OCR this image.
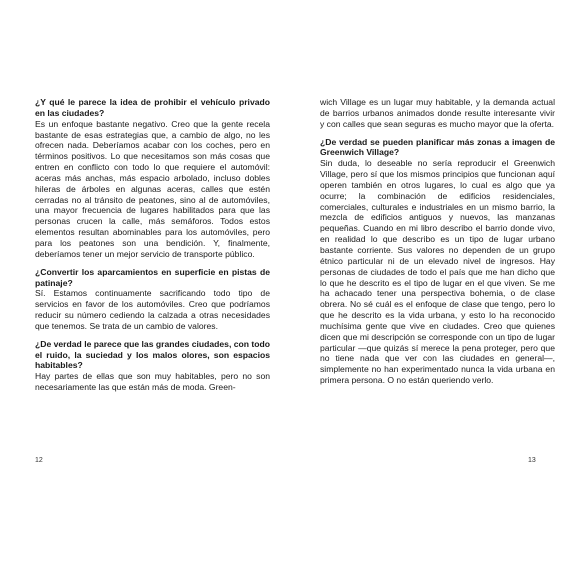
¿Y qué le parece la idea de prohibir el vehículo privado en las ciudades?

Es un enfoque bastante negativo. Creo que la gente recela bastante de esas estrategias que, a cambio de algo, no les ofrecen nada. Deberíamos acabar con los coches, pero en términos positivos. Lo que necesitamos son más cosas que entren en conflicto con todo lo que requiere el automóvil: aceras más anchas, más espacio arbolado, incluso dobles hileras de árboles en algunas aceras, calles que estén cerradas no al tránsito de peatones, sino al de automóviles, una mayor frecuencia de lugares habilitados para que las personas crucen la calle, más semáforos. Todos estos elementos resultan abominables para los automóviles, pero para los peatones son una bendición. Y, finalmente, deberíamos tener un mejor servicio de transporte público.

¿Convertir los aparcamientos en superficie en pistas de patinaje?

Sí. Estamos continuamente sacrificando todo tipo de servicios en favor de los automóviles. Creo que podríamos reducir su número cediendo la calzada a otras necesidades que tenemos. Se trata de un cambio de valores.

¿De verdad le parece que las grandes ciudades, con todo el ruido, la suciedad y los malos olores, son espacios habitables?

Hay partes de ellas que son muy habitables, pero no son necesariamente las que están más de moda. Green-

12

wich Village es un lugar muy habitable, y la demanda actual de barrios urbanos animados donde resulte interesante vivir y con calles que sean seguras es mucho mayor que la oferta.

¿De verdad se pueden planificar más zonas a imagen de Greenwich Village?

Sin duda, lo deseable no sería reproducir el Greenwich Village, pero sí que los mismos principios que funcionan aquí operen también en otros lugares, lo cual es algo que ya ocurre; la combinación de edificios residenciales, comerciales, culturales e industriales en un mismo barrio, la mezcla de edificios antiguos y nuevos, las manzanas pequeñas. Cuando en mi libro describo el barrio donde vivo, en realidad lo que describo es un tipo de lugar urbano bastante corriente. Sus valores no dependen de un grupo étnico particular ni de un elevado nivel de ingresos. Hay personas de ciudades de todo el país que me han dicho que lo que he descrito es el tipo de lugar en el que viven. Se me ha achacado tener una perspectiva bohemia, o de clase obrera. No sé cuál es el enfoque de clase que tengo, pero lo que he descrito es la vida urbana, y esto lo ha reconocido muchísima gente que vive en ciudades. Creo que quienes dicen que mi descripción se corresponde con un tipo de lugar particular —que quizás sí merece la pena proteger, pero que no tiene nada que ver con las ciudades en general—, simplemente no han experimentado nunca la vida urbana en primera persona. O no están queriendo verlo.

13
